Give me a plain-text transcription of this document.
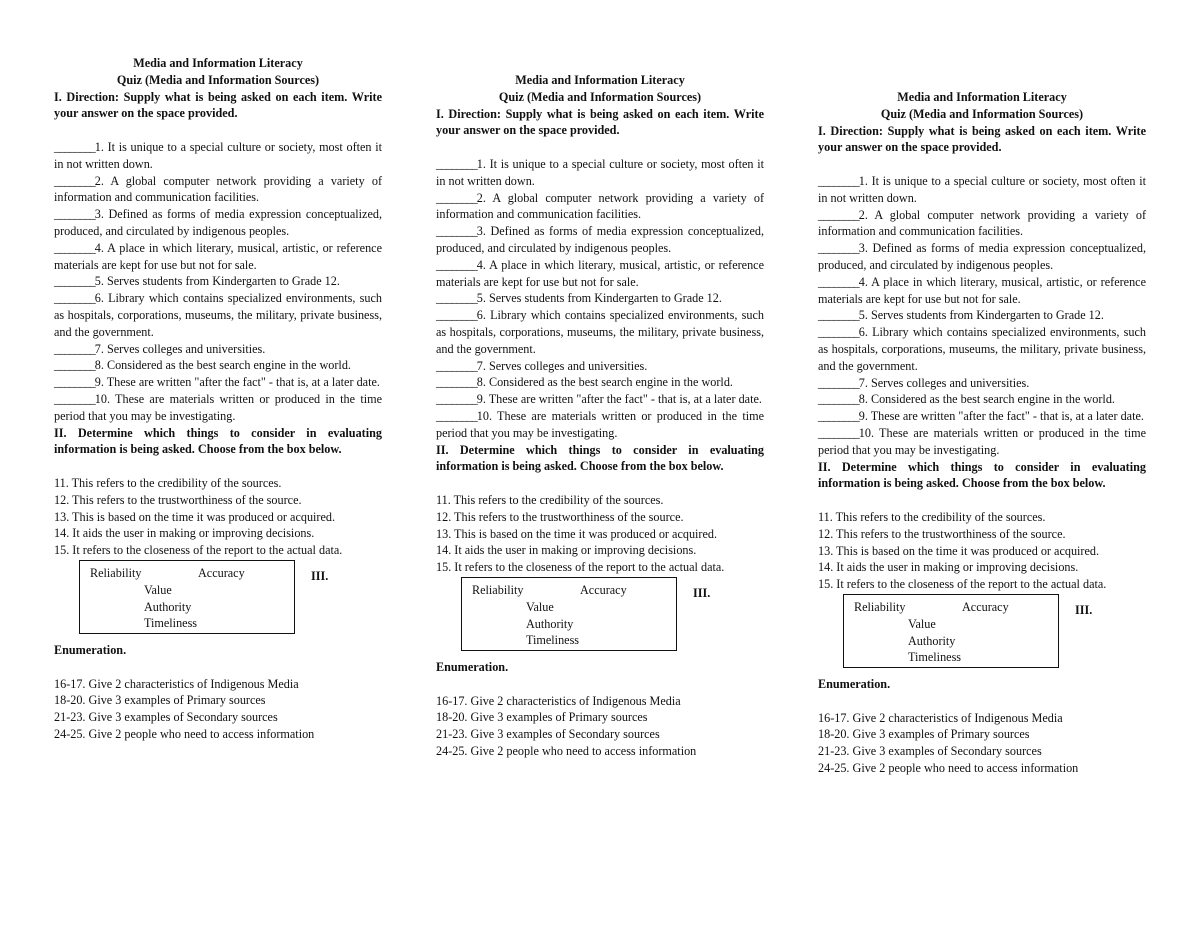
Media and Information Literacy
Quiz (Media and Information Sources)
I. Direction: Supply what is being asked on each item. Write your answer on the space provided.
________1. It is unique to a special culture or society, most often it in not written down.
________2. A global computer network providing a variety of information and communication facilities.
________3. Defined as forms of media expression conceptualized, produced, and circulated by indigenous peoples.
________4. A place in which literary, musical, artistic, or reference materials are kept for use but not for sale.
________5. Serves students from Kindergarten to Grade 12.
________6. Library which contains specialized environments, such as hospitals, corporations, museums, the military, private business, and the government.
________7. Serves colleges and universities.
________8. Considered as the best search engine in the world.
________9. These are written "after the fact" - that is, at a later date.
________10. These are materials written or produced in the time period that you may be investigating.
II. Determine which things to consider in evaluating information is being asked. Choose from the box below.
11. This refers to the credibility of the sources.
12. This refers to the trustworthiness of the source.
13. This is based on the time it was produced or acquired.
14. It aids the user in making or improving decisions.
15. It refers to the closeness of the report to the actual data.
Reliability	Accuracy
Value
Authority
Timeliness
III.
Enumeration.
16-17. Give 2 characteristics of Indigenous Media
18-20. Give 3 examples of Primary sources
21-23. Give 3 examples of Secondary sources
24-25. Give 2 people who need to access information
Media and Information Literacy
Quiz (Media and Information Sources)
I. Direction: Supply what is being asked on each item. Write your answer on the space provided.
________1. It is unique to a special culture or society, most often it in not written down.
________2. A global computer network providing a variety of information and communication facilities.
________3. Defined as forms of media expression conceptualized, produced, and circulated by indigenous peoples.
________4. A place in which literary, musical, artistic, or reference materials are kept for use but not for sale.
________5. Serves students from Kindergarten to Grade 12.
________6. Library which contains specialized environments, such as hospitals, corporations, museums, the military, private business, and the government.
________7. Serves colleges and universities.
________8. Considered as the best search engine in the world.
________9. These are written "after the fact" - that is, at a later date.
________10. These are materials written or produced in the time period that you may be investigating.
II. Determine which things to consider in evaluating information is being asked. Choose from the box below.
11. This refers to the credibility of the sources.
12. This refers to the trustworthiness of the source.
13. This is based on the time it was produced or acquired.
14. It aids the user in making or improving decisions.
15. It refers to the closeness of the report to the actual data.
Reliability	Accuracy
Value
Authority
Timeliness
III.
Enumeration.
16-17. Give 2 characteristics of Indigenous Media
18-20. Give 3 examples of Primary sources
21-23. Give 3 examples of Secondary sources
24-25. Give 2 people who need to access information
Media and Information Literacy
Quiz (Media and Information Sources)
I. Direction: Supply what is being asked on each item. Write your answer on the space provided.
________1. It is unique to a special culture or society, most often it in not written down.
________2. A global computer network providing a variety of information and communication facilities.
________3. Defined as forms of media expression conceptualized, produced, and circulated by indigenous peoples.
________4. A place in which literary, musical, artistic, or reference materials are kept for use but not for sale.
________5. Serves students from Kindergarten to Grade 12.
________6. Library which contains specialized environments, such as hospitals, corporations, museums, the military, private business, and the government.
________7. Serves colleges and universities.
________8. Considered as the best search engine in the world.
________9. These are written "after the fact" - that is, at a later date.
________10. These are materials written or produced in the time period that you may be investigating.
II. Determine which things to consider in evaluating information is being asked. Choose from the box below.
11. This refers to the credibility of the sources.
12. This refers to the trustworthiness of the source.
13. This is based on the time it was produced or acquired.
14. It aids the user in making or improving decisions.
15. It refers to the closeness of the report to the actual data.
Reliability	Accuracy
Value
Authority
Timeliness
III.
Enumeration.
16-17. Give 2 characteristics of Indigenous Media
18-20. Give 3 examples of Primary sources
21-23. Give 3 examples of Secondary sources
24-25. Give 2 people who need to access information
